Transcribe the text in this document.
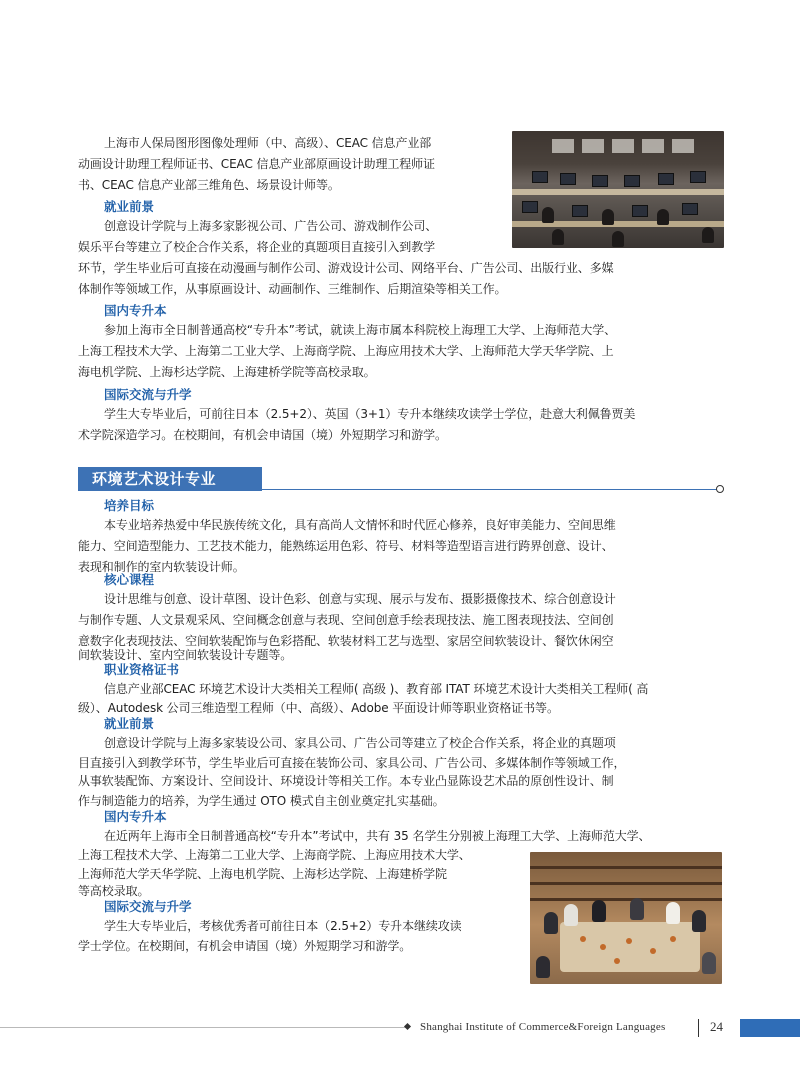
上海市人保局图形图像处理师（中、高级）、CEAC 信息产业部

动画设计助理工程师证书、CEAC 信息产业部原画设计助理工程师证

书、CEAC 信息产业部三维角色、场景设计师等。

就业前景

创意设计学院与上海多家影视公司、广告公司、游戏制作公司、

娱乐平台等建立了校企合作关系，将企业的真题项目直接引入到教学

环节，学生毕业后可直接在动漫画与制作公司、游戏设计公司、网络平台、广告公司、出版行业、多媒

体制作等领域工作，从事原画设计、动画制作、三维制作、后期渲染等相关工作。

国内专升本

参加上海市全日制普通高校“专升本”考试，就读上海市属本科院校上海理工大学、上海师范大学、

上海工程技术大学、上海第二工业大学、上海商学院、上海应用技术大学、上海师范大学天华学院、上

海电机学院、上海杉达学院、上海建桥学院等高校录取。

国际交流与升学

学生大专毕业后，可前往日本（2.5+2）、英国（3+1）专升本继续攻读学士学位，赴意大利佩鲁贾美

术学院深造学习。在校期间，有机会申请国（境）外短期学习和游学。

环境艺术设计专业
培养目标

本专业培养热爱中华民族传统文化，具有高尚人文情怀和时代匠心修养，良好审美能力、空间思维

能力、空间造型能力、工艺技术能力，能熟练运用色彩、符号、材料等造型语言进行跨界创意、设计、

表现和制作的室内软装设计师。

核心课程

设计思维与创意、设计草图、设计色彩、创意与实现、展示与发布、摄影摄像技术、综合创意设计

与制作专题、人文景观采风、空间概念创意与表现、空间创意手绘表现技法、施工图表现技法、空间创

意数字化表现技法、空间软装配饰与色彩搭配、软装材料工艺与选型、家居空间软装设计、餐饮休闲空

间软装设计、室内空间软装设计专题等。

职业资格证书

信息产业部CEAC 环境艺术设计大类相关工程师( 高级 )、教育部 ITAT 环境艺术设计大类相关工程师( 高

级）、Autodesk 公司三维造型工程师（中、高级）、Adobe 平面设计师等职业资格证书等。

就业前景

创意设计学院与上海多家装设公司、家具公司、广告公司等建立了校企合作关系，将企业的真题项

目直接引入到教学环节，学生毕业后可直接在装饰公司、家具公司、广告公司、多媒体制作等领域工作，

从事软装配饰、方案设计、空间设计、环境设计等相关工作。本专业凸显陈设艺术品的原创性设计、制

作与制造能力的培养，为学生通过 OTO 模式自主创业奠定扎实基础。

国内专升本

在近两年上海市全日制普通高校“专升本”考试中，共有 35 名学生分别被上海理工大学、上海师范大学、

上海工程技术大学、上海第二工业大学、上海商学院、上海应用技术大学、

上海师范大学天华学院、上海电机学院、上海杉达学院、上海建桥学院

等高校录取。

国际交流与升学

学生大专毕业后，考核优秀者可前往日本（2.5+2）专升本继续攻读

学士学位。在校期间，有机会申请国（境）外短期学习和游学。

Shanghai Institute of Commerce&Foreign Languages	24
